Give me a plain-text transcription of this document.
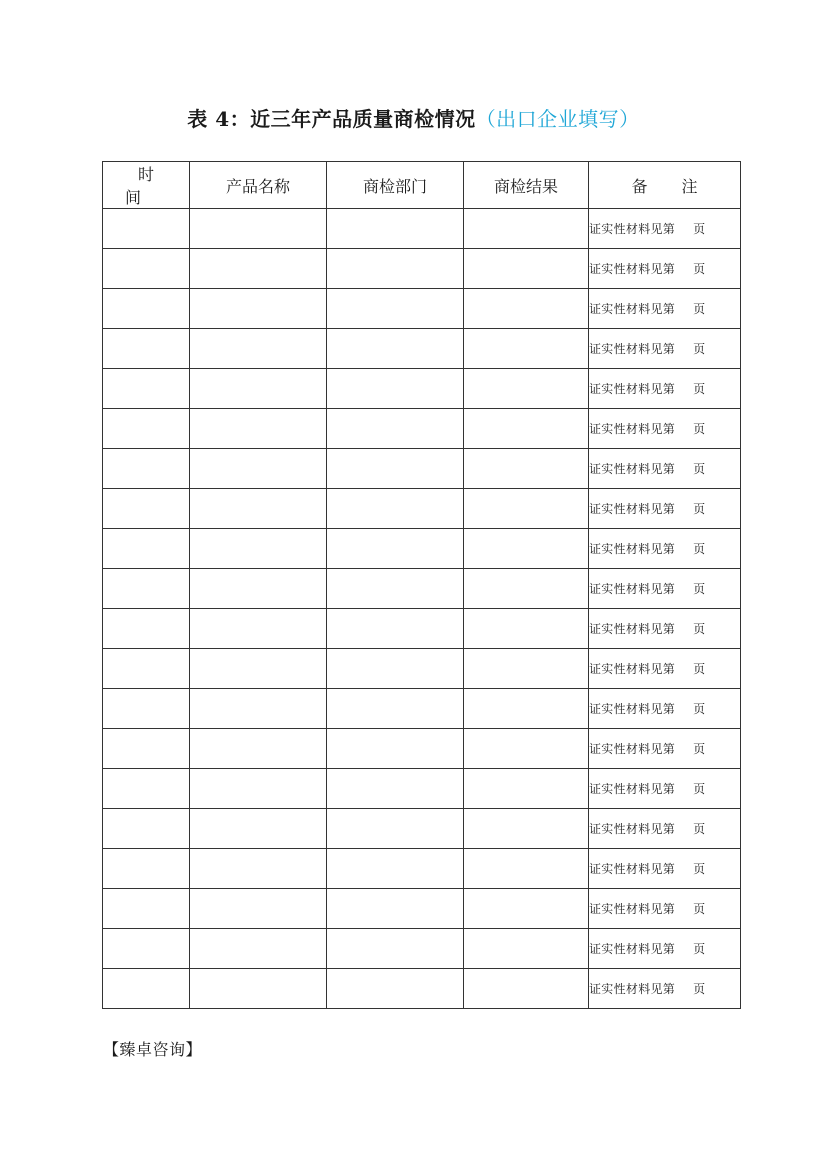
表 4：近三年产品质量商检情况（出口企业填写）
时间	产品名称	商检部门	商检结果	备注
				证实性材料见第 页
				证实性材料见第 页
				证实性材料见第 页
				证实性材料见第 页
				证实性材料见第 页
				证实性材料见第 页
				证实性材料见第 页
				证实性材料见第 页
				证实性材料见第 页
				证实性材料见第 页
				证实性材料见第 页
				证实性材料见第 页
				证实性材料见第 页
				证实性材料见第 页
				证实性材料见第 页
				证实性材料见第 页
				证实性材料见第 页
				证实性材料见第 页
				证实性材料见第 页
				证实性材料见第 页
【臻卓咨询】
